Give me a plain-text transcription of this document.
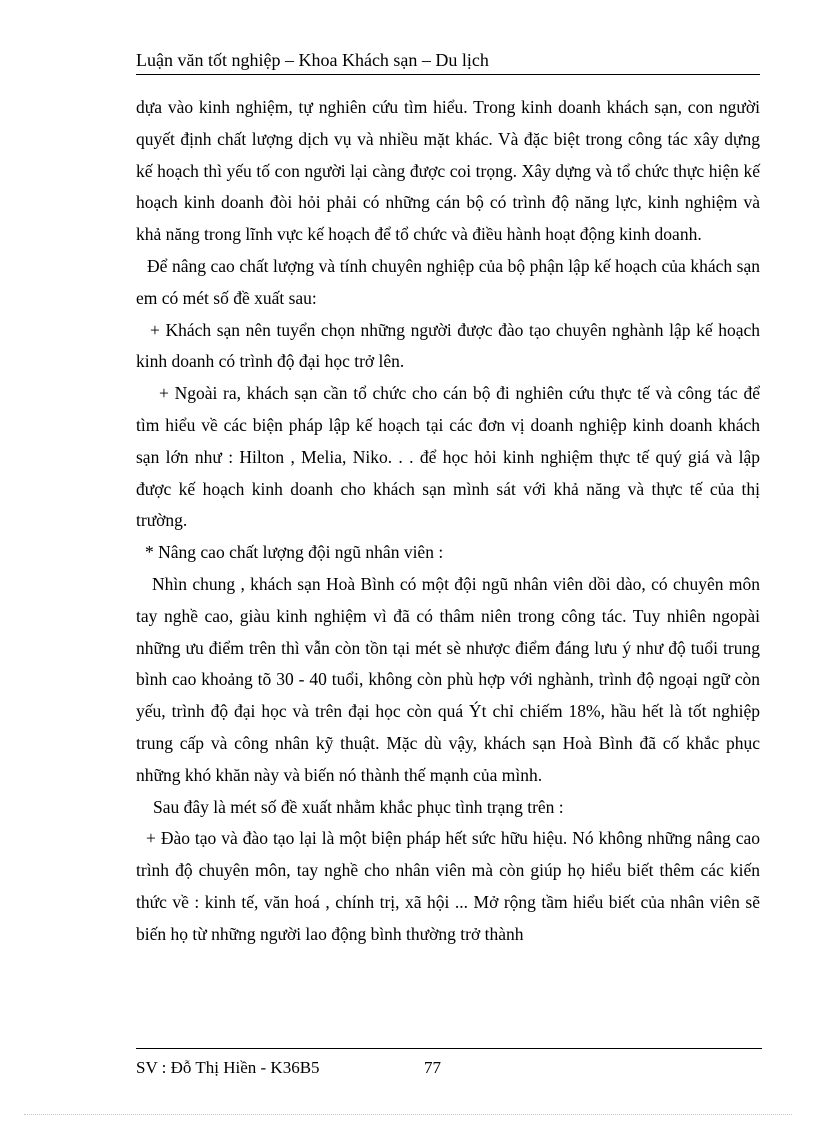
Luận văn tốt nghiệp – Khoa Khách sạn – Du lịch

dựa vào kinh nghiệm, tự nghiên cứu tìm hiểu. Trong kinh doanh khách sạn, con người quyết định chất lượng dịch vụ và nhiều mặt khác. Và đặc biệt trong công tác xây dựng kế hoạch thì yếu tố con người lại càng được coi trọng. Xây dựng và tổ chức thực hiện kế hoạch kinh doanh đòi hỏi phải có những cán bộ có trình độ năng lực, kinh nghiệm và khả năng trong lĩnh vực kế hoạch để tổ chức và điều hành hoạt động kinh doanh.

Để nâng cao chất lượng và tính chuyên nghiệp của bộ phận lập kế hoạch của khách sạn em có mét số đề xuất sau:

+ Khách sạn nên tuyển chọn những người được đào tạo chuyên nghành lập kế hoạch kinh doanh có trình độ đại học trở lên.

+ Ngoài ra, khách sạn cần tổ chức cho cán bộ đi nghiên cứu thực tế và công tác để tìm hiểu về các biện pháp lập kế hoạch tại các đơn vị doanh nghiệp kinh doanh khách sạn lớn như : Hilton , Melia, Niko. . . để học hỏi kinh nghiệm thực tế quý giá và lập được kế hoạch kinh doanh cho khách sạn mình sát với khả năng và thực tế của thị trường.

* Nâng cao chất lượng đội ngũ nhân viên :

Nhìn chung , khách sạn Hoà Bình có một đội ngũ nhân viên dồi dào, có chuyên môn tay nghề cao, giàu kinh nghiệm vì đã có thâm niên trong công tác. Tuy nhiên ngopài những ưu điểm trên thì vẫn còn tồn tại mét sè nhược điểm đáng lưu ý như độ tuổi trung bình cao khoảng tõ 30 - 40 tuổi, không còn phù hợp với nghành, trình độ ngoại ngữ còn yếu, trình độ đại học và trên đại học còn quá Ýt chỉ chiếm 18%, hầu hết là tốt nghiệp trung cấp và công nhân kỹ thuật. Mặc dù vậy, khách sạn Hoà Bình đã cố khắc phục những khó khăn này và biến nó thành thế mạnh của mình.

Sau đây là mét số đề xuất nhằm khắc phục tình trạng trên :

+ Đào tạo và đào tạo lại là một biện pháp hết sức hữu hiệu. Nó không những nâng cao trình độ chuyên môn, tay nghề cho nhân viên mà còn giúp họ hiểu biết thêm các kiến thức về : kinh tế, văn hoá , chính trị, xã hội ... Mở rộng tầm hiểu biết của nhân viên sẽ biến họ từ những người lao động bình thường trở thành

SV : Đỗ Thị Hiền - K36B5	77
